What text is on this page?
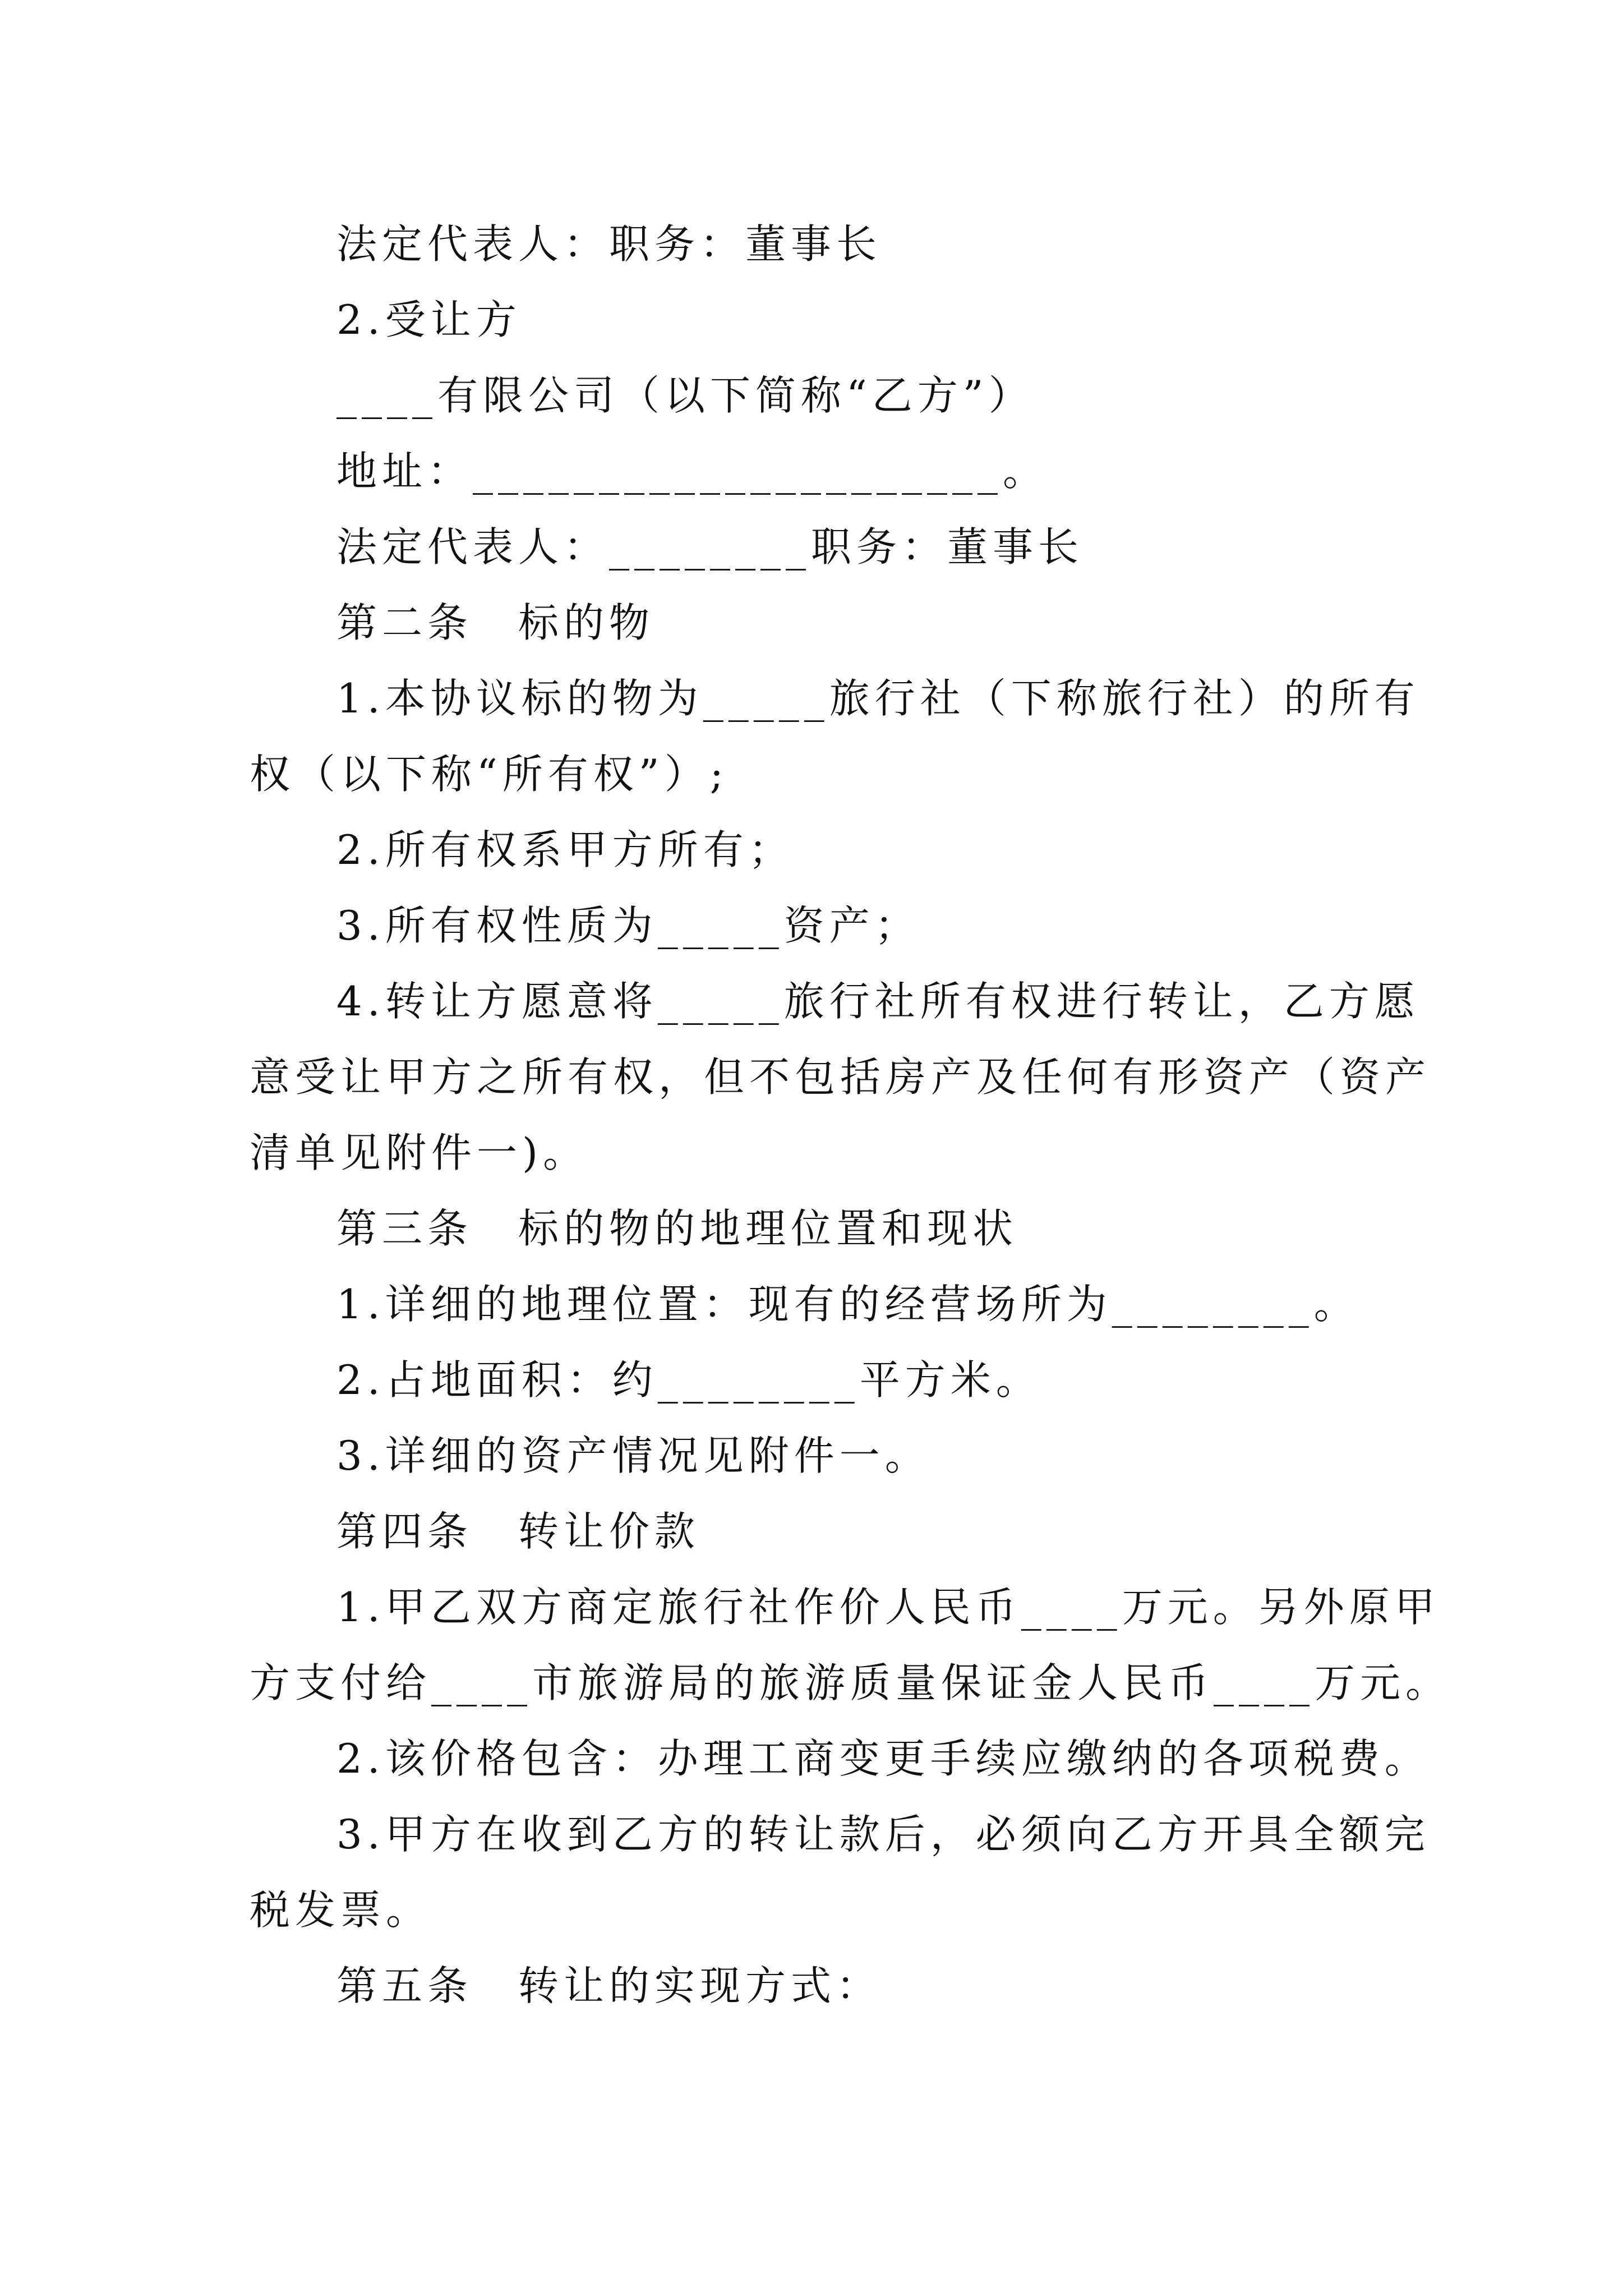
法定代表人：职务：董事长
2.受让方
____有限公司（以下简称“乙方”）
地址：_____________________。
法定代表人：________职务：董事长
第二条　标的物
1.本协议标的物为_____旅行社（下称旅行社）的所有
权（以下称“所有权”）;
2.所有权系甲方所有；
3.所有权性质为_____资产；
4.转让方愿意将_____旅行社所有权进行转让，乙方愿
意受让甲方之所有权，但不包括房产及任何有形资产（资产
清单见附件一)。
第三条　标的物的地理位置和现状
1.详细的地理位置：现有的经营场所为________。
2.占地面积：约________平方米。
3.详细的资产情况见附件一。
第四条　转让价款
1.甲乙双方商定旅行社作价人民币____万元。另外原甲
方支付给____市旅游局的旅游质量保证金人民币____万元。
2.该价格包含：办理工商变更手续应缴纳的各项税费。
3.甲方在收到乙方的转让款后，必须向乙方开具全额完
税发票。
第五条　转让的实现方式：
